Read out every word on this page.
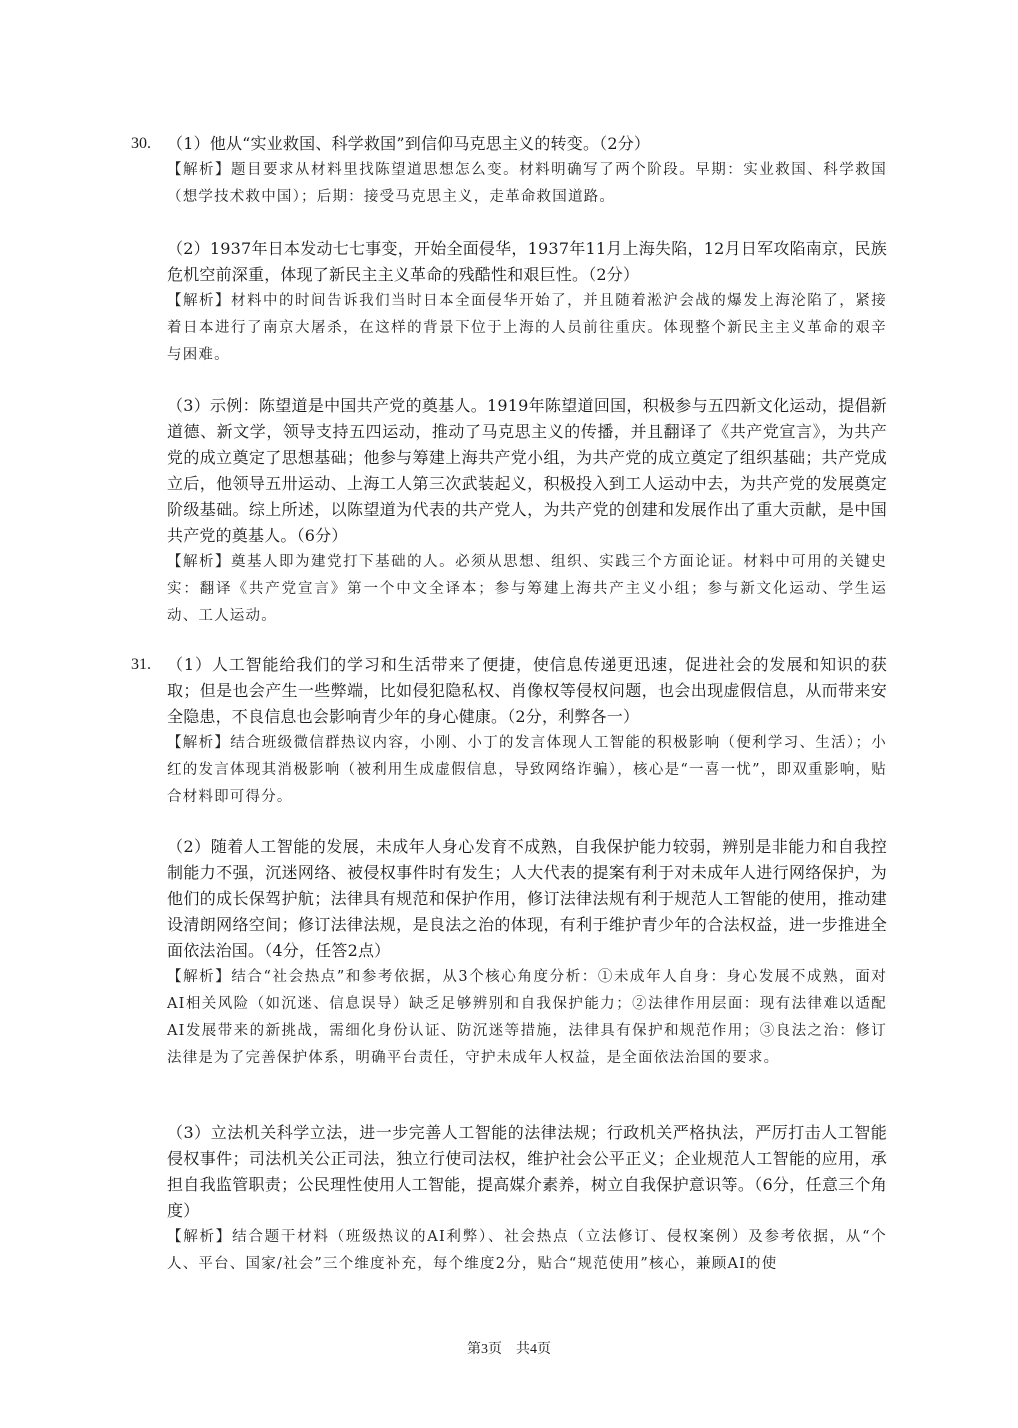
30. （1）他从“实业救国、科学救国”到信仰马克思主义的转变。（2分）

【解析】题目要求从材料里找陈望道思想怎么变。材料明确写了两个阶段。早期：实业救国、科学救国（想学技术救中国）；后期：接受马克思主义，走革命救国道路。

（2）1937年日本发动七七事变，开始全面侵华，1937年11月上海失陷，12月日军攻陷南京，民族危机空前深重，体现了新民主主义革命的残酷性和艰巨性。（2分）

【解析】材料中的时间告诉我们当时日本全面侵华开始了，并且随着淞沪会战的爆发上海沦陷了，紧接着日本进行了南京大屠杀，在这样的背景下位于上海的人员前往重庆。体现整个新民主主义革命的艰辛与困难。

（3）示例：陈望道是中国共产党的奠基人。1919年陈望道回国，积极参与五四新文化运动，提倡新道德、新文学，领导支持五四运动，推动了马克思主义的传播，并且翻译了《共产党宣言》，为共产党的成立奠定了思想基础；他参与筹建上海共产党小组，为共产党的成立奠定了组织基础；共产党成立后，他领导五卅运动、上海工人第三次武装起义，积极投入到工人运动中去，为共产党的发展奠定阶级基础。综上所述，以陈望道为代表的共产党人，为共产党的创建和发展作出了重大贡献，是中国共产党的奠基人。（6分）

【解析】奠基人即为建党打下基础的人。必须从思想、组织、实践三个方面论证。材料中可用的关键史实：翻译《共产党宣言》第一个中文全译本；参与筹建上海共产主义小组；参与新文化运动、学生运动、工人运动。

31. （1）人工智能给我们的学习和生活带来了便捷，使信息传递更迅速，促进社会的发展和知识的获取；但是也会产生一些弊端，比如侵犯隐私权、肖像权等侵权问题，也会出现虚假信息，从而带来安全隐患，不良信息也会影响青少年的身心健康。（2分，利弊各一）

【解析】结合班级微信群热议内容，小刚、小丁的发言体现人工智能的积极影响（便利学习、生活）；小红的发言体现其消极影响（被利用生成虚假信息，导致网络诈骗），核心是“一喜一忧”，即双重影响，贴合材料即可得分。

（2）随着人工智能的发展，未成年人身心发育不成熟，自我保护能力较弱，辨别是非能力和自我控制能力不强，沉迷网络、被侵权事件时有发生；人大代表的提案有利于对未成年人进行网络保护，为他们的成长保驾护航；法律具有规范和保护作用，修订法律法规有利于规范人工智能的使用，推动建设清朗网络空间；修订法律法规，是良法之治的体现，有利于维护青少年的合法权益，进一步推进全面依法治国。（4分，任答2点）

【解析】结合“社会热点”和参考依据，从3个核心角度分析：①未成年人自身：身心发展不成熟，面对AI相关风险（如沉迷、信息误导）缺乏足够辨别和自我保护能力；②法律作用层面：现有法律难以适配AI发展带来的新挑战，需细化身份认证、防沉迷等措施，法律具有保护和规范作用；③良法之治：修订法律是为了完善保护体系，明确平台责任，守护未成年人权益，是全面依法治国的要求。

（3）立法机关科学立法，进一步完善人工智能的法律法规；行政机关严格执法，严厉打击人工智能侵权事件；司法机关公正司法，独立行使司法权，维护社会公平正义；企业规范人工智能的应用，承担自我监管职责；公民理性使用人工智能，提高媒介素养，树立自我保护意识等。（6分，任意三个角度）

【解析】结合题干材料（班级热议的AI利弊）、社会热点（立法修订、侵权案例）及参考依据，从“个人、平台、国家/社会”三个维度补充，每个维度2分，贴合“规范使用”核心，兼顾AI的使

第3页　共4页
